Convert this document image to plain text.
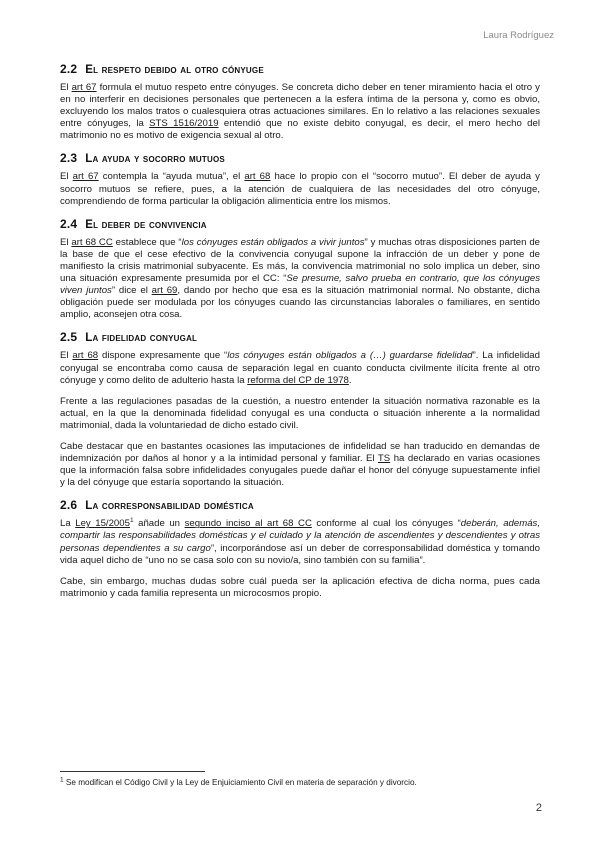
Laura Rodríguez
2.2 El respeto debido al otro cónyuge

El art 67 formula el mutuo respeto entre cónyuges. Se concreta dicho deber en tener miramiento hacia el otro y en no interferir en decisiones personales que pertenecen a la esfera íntima de la persona y, como es obvio, excluyendo los malos tratos o cualesquiera otras actuaciones similares. En lo relativo a las relaciones sexuales entre cónyuges, la STS 1516/2019 entendió que no existe debito conyugal, es decir, el mero hecho del matrimonio no es motivo de exigencia sexual al otro.

2.3 La ayuda y socorro mutuos

El art 67 contempla la “ayuda mutua”, el art 68 hace lo propio con el “socorro mutuo”. El deber de ayuda y socorro mutuos se refiere, pues, a la atención de cualquiera de las necesidades del otro cónyuge, comprendiendo de forma particular la obligación alimenticia entre los mismos.

2.4 El deber de convivencia

El art 68 CC establece que “los cónyuges están obligados a vivir juntos” y muchas otras disposiciones parten de la base de que el cese efectivo de la convivencia conyugal supone la infracción de un deber y pone de manifiesto la crisis matrimonial subyacente. Es más, la convivencia matrimonial no solo implica un deber, sino una situación expresamente presumida por el CC: “Se presume, salvo prueba en contrario, que los cónyuges viven juntos” dice el art 69, dando por hecho que esa es la situación matrimonial normal. No obstante, dicha obligación puede ser modulada por los cónyuges cuando las circunstancias laborales o familiares, en sentido amplio, aconsejen otra cosa.

2.5 La fidelidad conyugal

El art 68 dispone expresamente que “los cónyuges están obligados a (…) guardarse fidelidad”. La infidelidad conyugal se encontraba como causa de separación legal en cuanto conducta civilmente ilícita frente al otro cónyuge y como delito de adulterio hasta la reforma del CP de 1978.

Frente a las regulaciones pasadas de la cuestión, a nuestro entender la situación normativa razonable es la actual, en la que la denominada fidelidad conyugal es una conducta o situación inherente a la normalidad matrimonial, dada la voluntariedad de dicho estado civil.

Cabe destacar que en bastantes ocasiones las imputaciones de infidelidad se han traducido en demandas de indemnización por daños al honor y a la intimidad personal y familiar. El TS ha declarado en varias ocasiones que la información falsa sobre infidelidades conyugales puede dañar el honor del cónyuge supuestamente infiel y la del cónyuge que estaría soportando la situación.

2.6 La corresponsabilidad doméstica

La Ley 15/2005$^1$ añade un segundo inciso al art 68 CC conforme al cual los cónyuges “deberán, además, compartir las responsabilidades domésticas y el cuidado y la atención de ascendientes y descendientes y otras personas dependientes a su cargo”, incorporándose así un deber de corresponsabilidad doméstica y tomando vida aquel dicho de “uno no se casa solo con su novio/a, sino también con su familia”.

Cabe, sin embargo, muchas dudas sobre cuál pueda ser la aplicación efectiva de dicha norma, pues cada matrimonio y cada familia representa un microcosmos propio.

$^1$ Se modifican el Código Civil y la Ley de Enjuiciamiento Civil en materia de separación y divorcio.
2
